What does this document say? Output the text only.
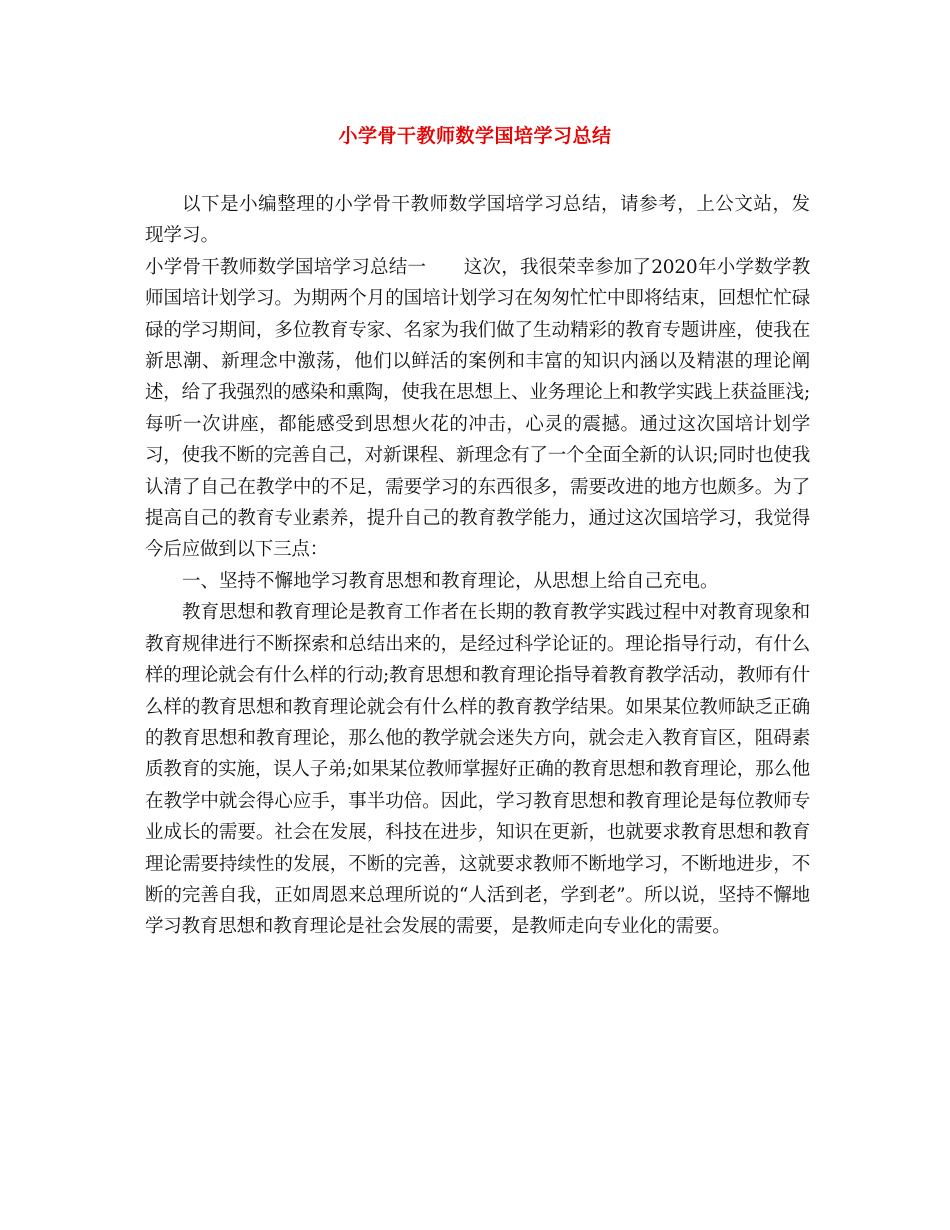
小学骨干教师数学国培学习总结

以下是小编整理的小学骨干教师数学国培学习总结，请参考，上公文站，发现学习。

小学骨干教师数学国培学习总结一　　这次，我很荣幸参加了2020年小学数学教师国培计划学习。为期两个月的国培计划学习在匆匆忙忙中即将结束，回想忙忙碌碌的学习期间，多位教育专家、名家为我们做了生动精彩的教育专题讲座，使我在新思潮、新理念中激荡，他们以鲜活的案例和丰富的知识内涵以及精湛的理论阐述，给了我强烈的感染和熏陶，使我在思想上、业务理论上和教学实践上获益匪浅;每听一次讲座，都能感受到思想火花的冲击，心灵的震撼。通过这次国培计划学习，使我不断的完善自己，对新课程、新理念有了一个全面全新的认识;同时也使我认清了自己在教学中的不足，需要学习的东西很多，需要改进的地方也颇多。为了提高自己的教育专业素养，提升自己的教育教学能力，通过这次国培学习，我觉得今后应做到以下三点：

一、坚持不懈地学习教育思想和教育理论，从思想上给自己充电。

教育思想和教育理论是教育工作者在长期的教育教学实践过程中对教育现象和教育规律进行不断探索和总结出来的，是经过科学论证的。理论指导行动，有什么样的理论就会有什么样的行动;教育思想和教育理论指导着教育教学活动，教师有什么样的教育思想和教育理论就会有什么样的教育教学结果。如果某位教师缺乏正确的教育思想和教育理论，那么他的教学就会迷失方向，就会走入教育盲区，阻碍素质教育的实施，误人子弟;如果某位教师掌握好正确的教育思想和教育理论，那么他在教学中就会得心应手，事半功倍。因此，学习教育思想和教育理论是每位教师专业成长的需要。社会在发展，科技在进步，知识在更新，也就要求教育思想和教育理论需要持续性的发展，不断的完善，这就要求教师不断地学习，不断地进步，不断的完善自我，正如周恩来总理所说的“人活到老，学到老”。所以说，坚持不懈地学习教育思想和教育理论是社会发展的需要，是教师走向专业化的需要。
